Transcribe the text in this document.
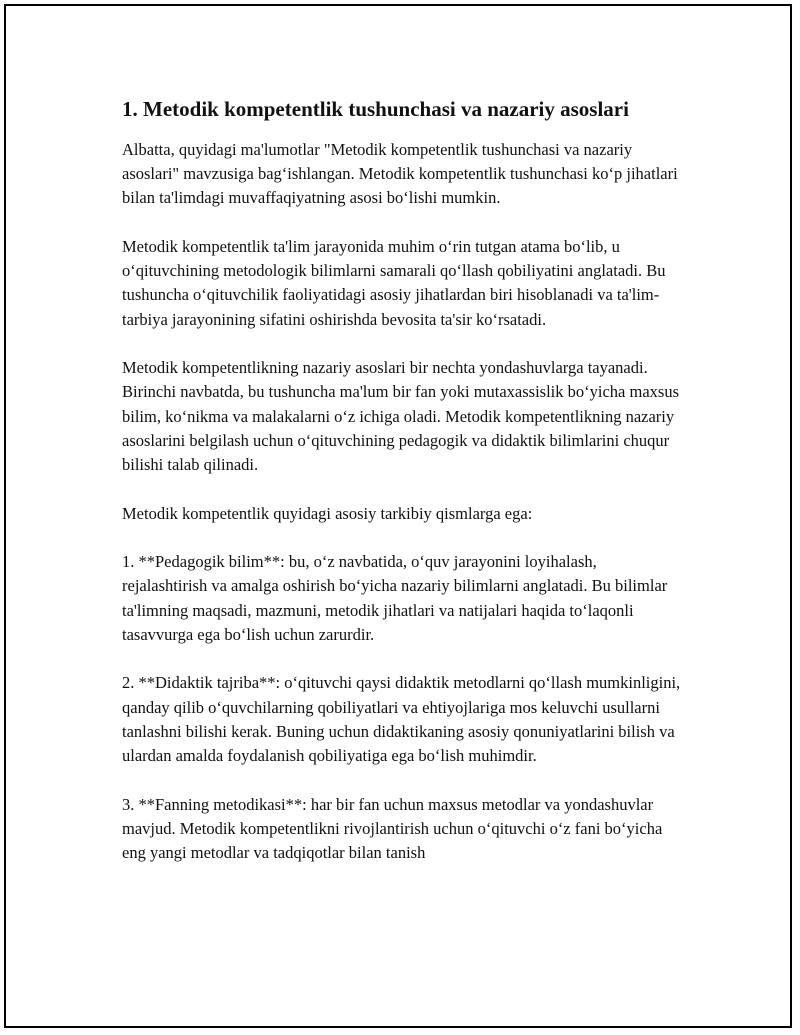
1. Metodik kompetentlik tushunchasi va nazariy asoslari

Albatta, quyidagi ma'lumotlar "Metodik kompetentlik tushunchasi va nazariy asoslari" mavzusiga bag‘ishlangan. Metodik kompetentlik tushunchasi ko‘p jihatlari bilan ta'limdagi muvaffaqiyatning asosi bo‘lishi mumkin.

Metodik kompetentlik ta'lim jarayonida muhim o‘rin tutgan atama bo‘lib, u o‘qituvchining metodologik bilimlarni samarali qo‘llash qobiliyatini anglatadi. Bu tushuncha o‘qituvchilik faoliyatidagi asosiy jihatlardan biri hisoblanadi va ta'lim-tarbiya jarayonining sifatini oshirishda bevosita ta'sir ko‘rsatadi.

Metodik kompetentlikning nazariy asoslari bir nechta yondashuvlarga tayanadi. Birinchi navbatda, bu tushuncha ma'lum bir fan yoki mutaxassislik bo‘yicha maxsus bilim, ko‘nikma va malakalarni o‘z ichiga oladi. Metodik kompetentlikning nazariy asoslarini belgilash uchun o‘qituvchining pedagogik va didaktik bilimlarini chuqur bilishi talab qilinadi.

Metodik kompetentlik quyidagi asosiy tarkibiy qismlarga ega:

1. **Pedagogik bilim**: bu, o‘z navbatida, o‘quv jarayonini loyihalash, rejalashtirish va amalga oshirish bo‘yicha nazariy bilimlarni anglatadi. Bu bilimlar ta'limning maqsadi, mazmuni, metodik jihatlari va natijalari haqida to‘laqonli tasavvurga ega bo‘lish uchun zarurdir.

2. **Didaktik tajriba**: o‘qituvchi qaysi didaktik metodlarni qo‘llash mumkinligini, qanday qilib o‘quvchilarning qobiliyatlari va ehtiyojlariga mos keluvchi usullarni tanlashni bilishi kerak. Buning uchun didaktikaning asosiy qonuniyatlarini bilish va ulardan amalda foydalanish qobiliyatiga ega bo‘lish muhimdir.

3. **Fanning metodikasi**: har bir fan uchun maxsus metodlar va yondashuvlar mavjud. Metodik kompetentlikni rivojlantirish uchun o‘qituvchi o‘z fani bo‘yicha eng yangi metodlar va tadqiqotlar bilan tanish
